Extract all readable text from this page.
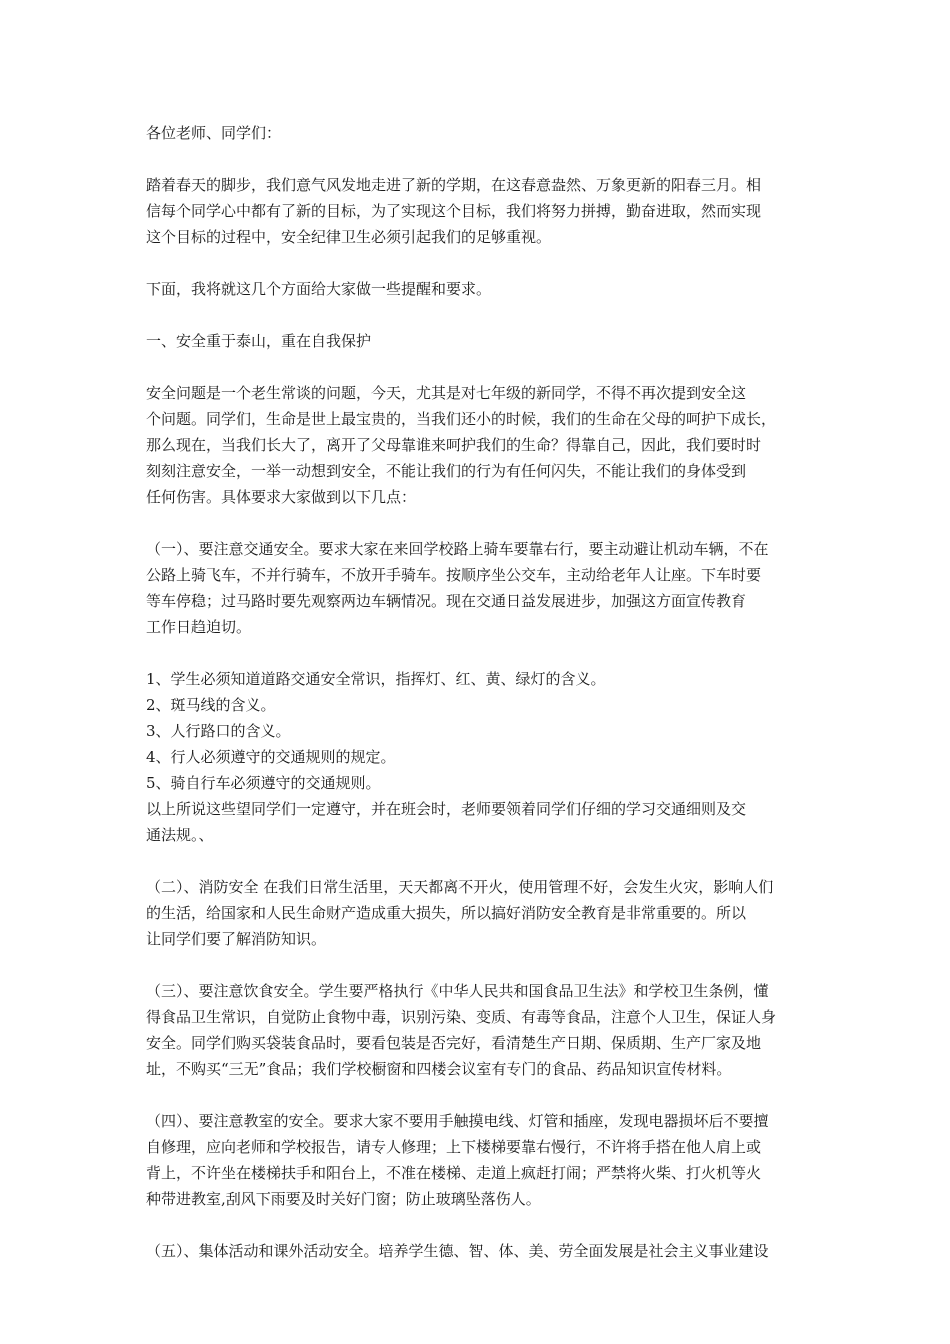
各位老师、同学们：

踏着春天的脚步，我们意气风发地走进了新的学期，在这春意盎然、万象更新的阳春三月。相
信每个同学心中都有了新的目标，为了实现这个目标，我们将努力拼搏，勤奋进取，然而实现
这个目标的过程中，安全纪律卫生必须引起我们的足够重视。

下面，我将就这几个方面给大家做一些提醒和要求。

一、安全重于泰山，重在自我保护

安全问题是一个老生常谈的问题，今天，尤其是对七年级的新同学，不得不再次提到安全这
个问题。同学们，生命是世上最宝贵的，当我们还小的时候，我们的生命在父母的呵护下成长，
那么现在，当我们长大了，离开了父母靠谁来呵护我们的生命？得靠自己，因此，我们要时时
刻刻注意安全，一举一动想到安全，不能让我们的行为有任何闪失，不能让我们的身体受到
任何伤害。具体要求大家做到以下几点：

（一）、要注意交通安全。要求大家在来回学校路上骑车要靠右行，要主动避让机动车辆，不在
公路上骑飞车，不并行骑车，不放开手骑车。按顺序坐公交车，主动给老年人让座。下车时要
等车停稳；过马路时要先观察两边车辆情况。现在交通日益发展进步，加强这方面宣传教育
工作日趋迫切。

1、学生必须知道道路交通安全常识，指挥灯、红、黄、绿灯的含义。
2、斑马线的含义。
3、人行路口的含义。
4、行人必须遵守的交通规则的规定。
5、骑自行车必须遵守的交通规则。
以上所说这些望同学们一定遵守，并在班会时，老师要领着同学们仔细的学习交通细则及交
通法规。、

（二）、消防安全 在我们日常生活里，天天都离不开火，使用管理不好，会发生火灾，影响人们
的生活，给国家和人民生命财产造成重大损失，所以搞好消防安全教育是非常重要的。所以
让同学们要了解消防知识。

（三）、要注意饮食安全。学生要严格执行《中华人民共和国食品卫生法》和学校卫生条例，懂
得食品卫生常识，自觉防止食物中毒，识别污染、变质、有毒等食品，注意个人卫生，保证人身
安全。同学们购买袋装食品时，要看包装是否完好，看清楚生产日期、保质期、生产厂家及地
址，不购买“三无”食品；我们学校橱窗和四楼会议室有专门的食品、药品知识宣传材料。

（四）、要注意教室的安全。要求大家不要用手触摸电线、灯管和插座，发现电器损坏后不要擅
自修理，应向老师和学校报告，请专人修理；上下楼梯要靠右慢行，不许将手搭在他人肩上或
背上，不许坐在楼梯扶手和阳台上，不准在楼梯、走道上疯赶打闹；严禁将火柴、打火机等火
种带进教室,刮风下雨要及时关好门窗；防止玻璃坠落伤人。

（五）、集体活动和课外活动安全。培养学生德、智、体、美、劳全面发展是社会主义事业建设
